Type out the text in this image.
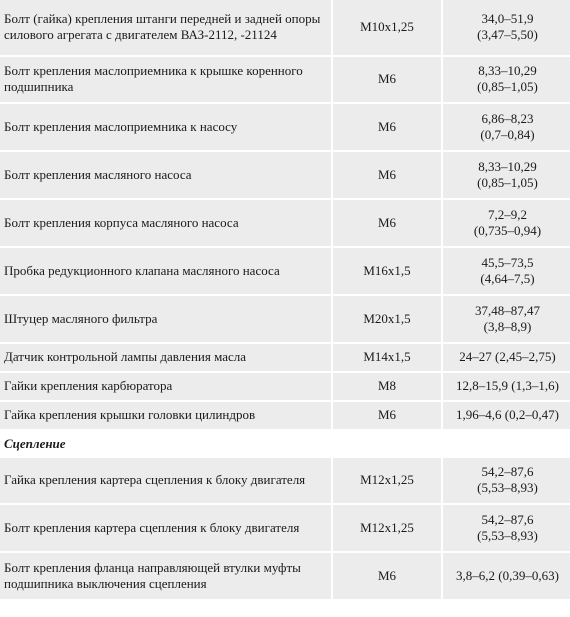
Болт (гайка) крепления штанги передней и задней опоры силового агрегата с двигателем ВАЗ-2112, -21124	M10x1,25	34,0–51,9
(3,47–5,50)
Болт крепления маслоприемника к крышке коренного подшипника	M6	8,33–10,29
(0,85–1,05)
Болт крепления маслоприемника к насосу	M6	6,86–8,23
(0,7–0,84)
Болт крепления масляного насоса	M6	8,33–10,29
(0,85–1,05)
Болт крепления корпуса масляного насоса	M6	7,2–9,2
(0,735–0,94)
Пробка редукционного клапана масляного насоса	M16x1,5	45,5–73,5
(4,64–7,5)
Штуцер масляного фильтра	M20x1,5	37,48–87,47
(3,8–8,9)
Датчик контрольной лампы давления масла	M14x1,5	24–27 (2,45–2,75)
Гайки крепления карбюратора	M8	12,8–15,9 (1,3–1,6)
Гайка крепления крышки головки цилиндров	M6	1,96–4,6 (0,2–0,47)
Сцепление		
Гайка крепления картера сцепления к блоку двигателя	M12x1,25	54,2–87,6
(5,53–8,93)
Болт крепления картера сцепления к блоку двигателя	M12x1,25	54,2–87,6
(5,53–8,93)
Болт крепления фланца направляющей втулки муфты подшипника выключения сцепления	M6	3,8–6,2 (0,39–0,63)
